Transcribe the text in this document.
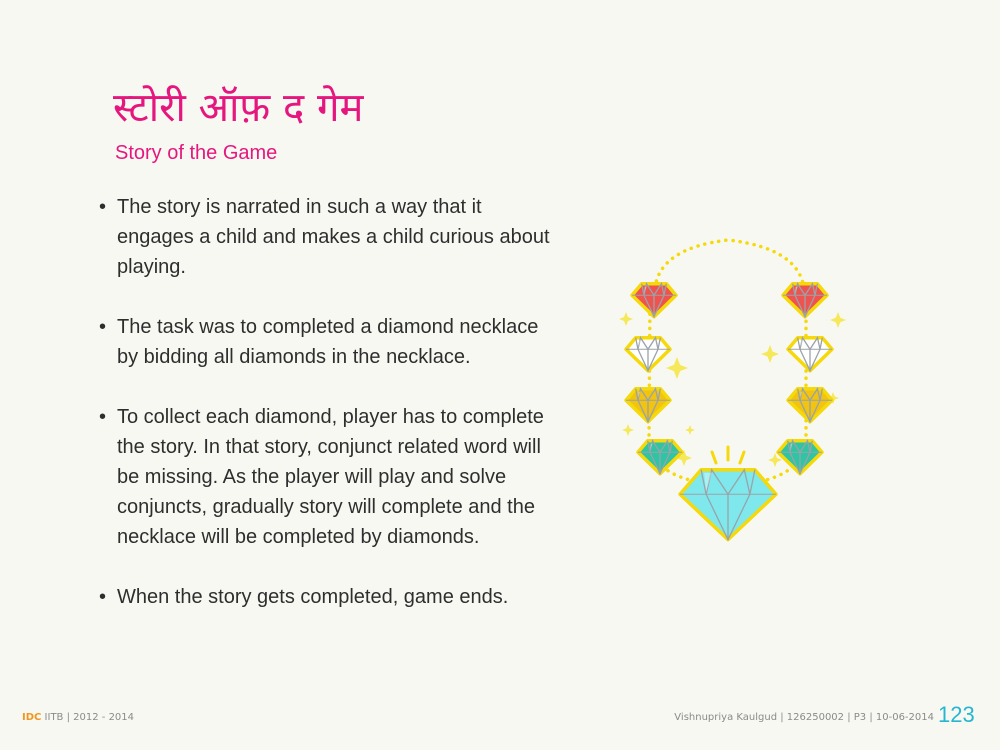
स्टोरी ऑफ़ द गेम
Story of the Game
• The story is narrated in such a way that it engages a child and makes a child curious about playing.
• The task was to completed a diamond necklace by bidding all diamonds in the necklace.
• To collect each diamond, player has to complete the story. In that story, conjunct related word will be missing. As the player will play and solve conjuncts, gradually story will complete and the necklace will be completed by diamonds.
• When the story gets completed, game ends.
IDC IITB | 2012 - 2014	Vishnupriya Kaulgud | 126250002 | P3 | 10-06-2014 123
